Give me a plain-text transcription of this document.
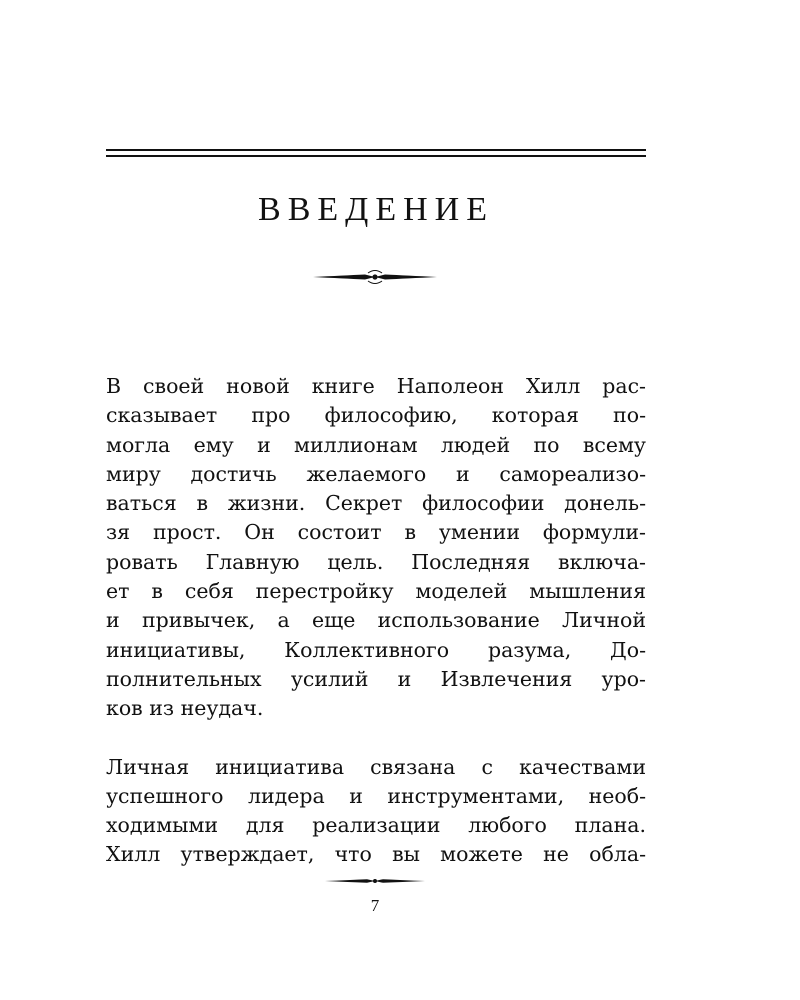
ВВЕДЕНИЕ

В своей новой книге Наполеон Хилл рас-
сказывает про философию, которая по-
могла ему и миллионам людей по всему
миру достичь желаемого и самореализо-
ваться в жизни. Секрет философии донель-
зя прост. Он состоит в умении формули-
ровать Главную цель. Последняя включа-
ет в себя перестройку моделей мышления
и привычек, а еще использование Личной
инициативы, Коллективного разума, До-
полнительных усилий и Извлечения уро-
ков из неудач.

Личная инициатива связана с качествами
успешного лидера и инструментами, необ-
ходимыми для реализации любого плана.
Хилл утверждает, что вы можете не обла-

7
